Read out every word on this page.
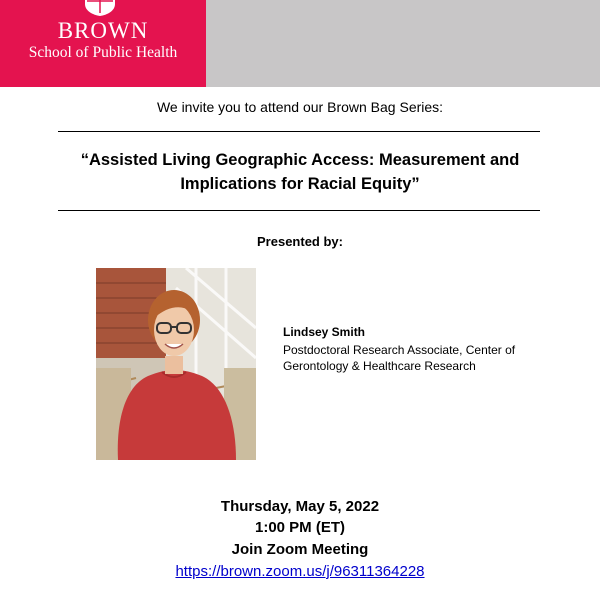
BROWN
School of Public Health
We invite you to attend our Brown Bag Series:
“Assisted Living Geographic Access: Measurement and
Implications for Racial Equity”
Presented by:
Lindsey Smith
Postdoctoral Research Associate, Center of
Gerontology & Healthcare Research
Thursday, May 5, 2022
1:00 PM (ET)
Join Zoom Meeting
https://brown.zoom.us/j/96311364228
